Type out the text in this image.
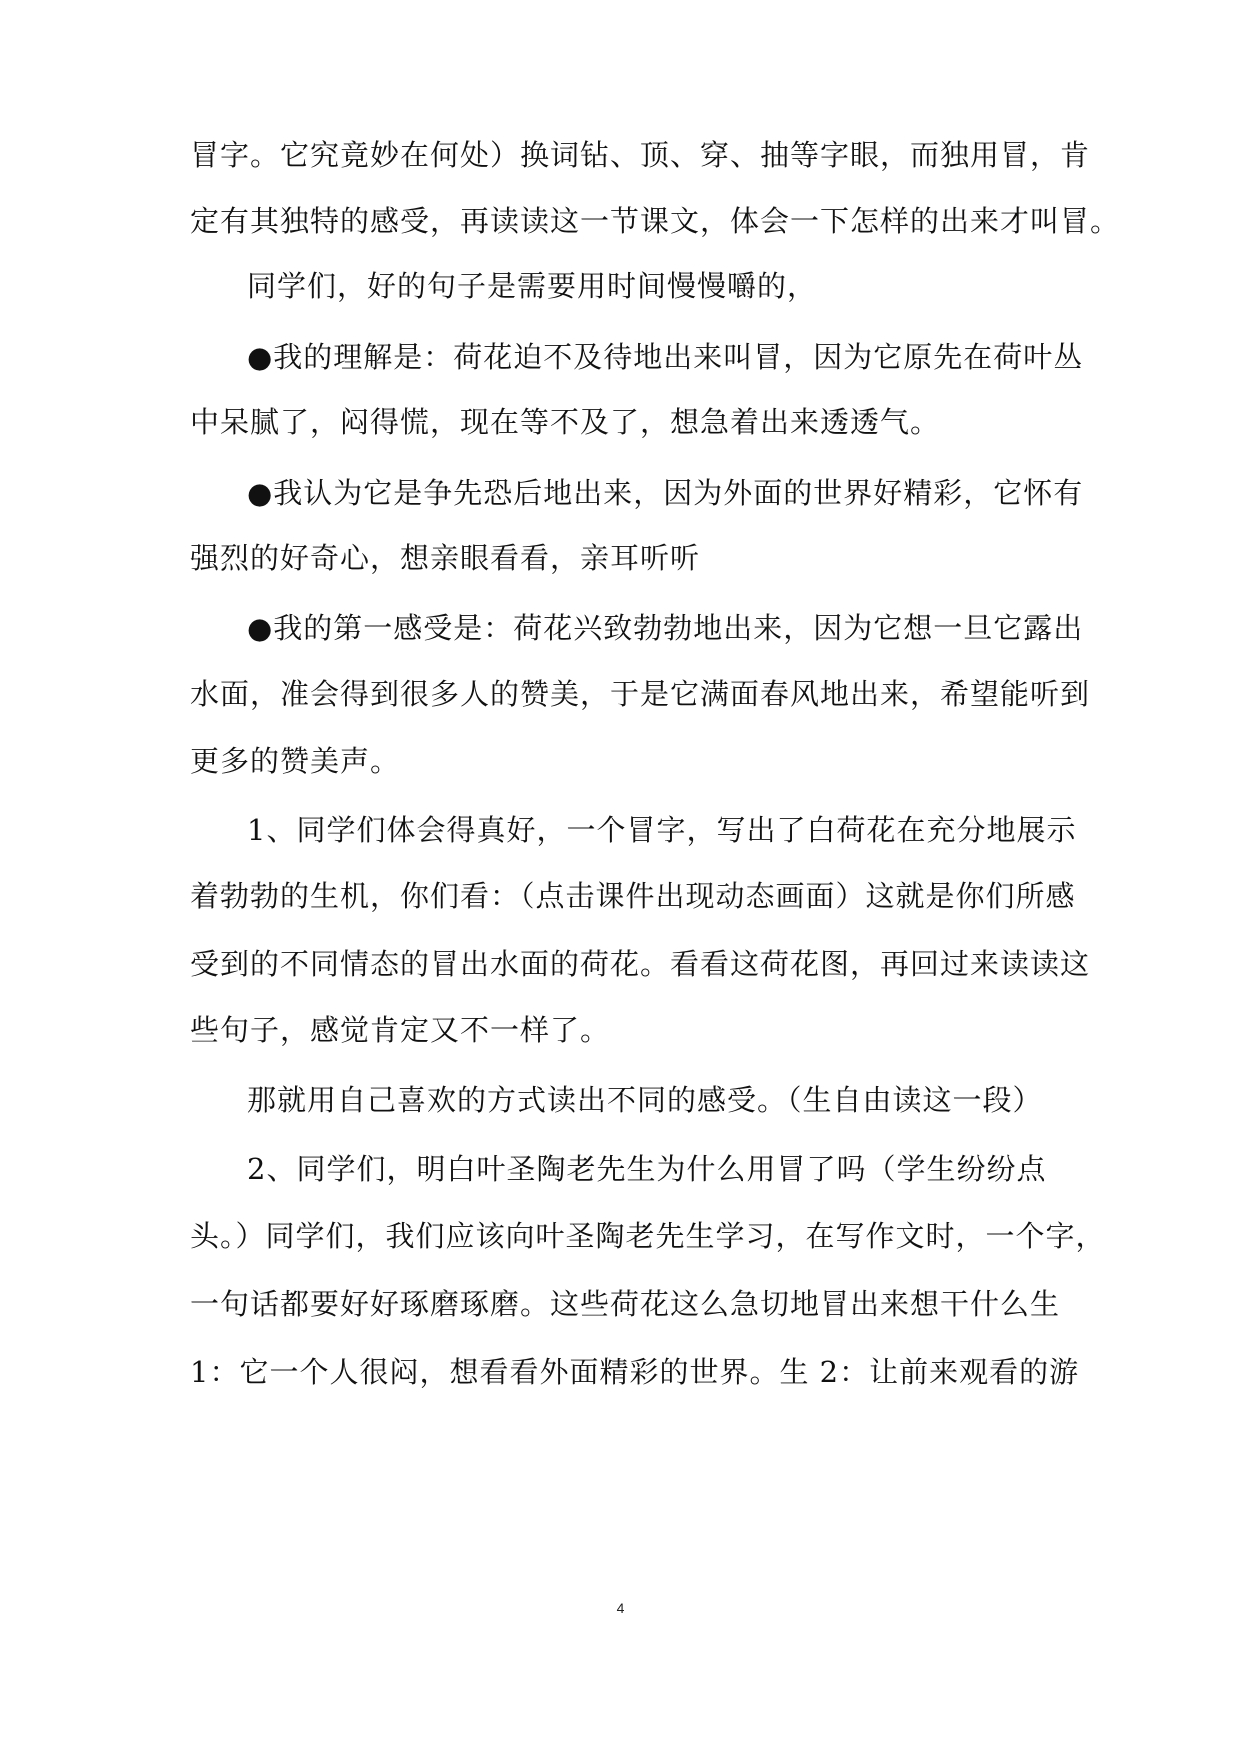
冒字。它究竟妙在何处）换词钻、顶、穿、抽等字眼，而独用冒，肯
定有其独特的感受，再读读这一节课文，体会一下怎样的出来才叫冒。
同学们，好的句子是需要用时间慢慢嚼的，
●我的理解是：荷花迫不及待地出来叫冒，因为它原先在荷叶丛
中呆腻了，闷得慌，现在等不及了，想急着出来透透气。
●我认为它是争先恐后地出来，因为外面的世界好精彩，它怀有
强烈的好奇心，想亲眼看看，亲耳听听
●我的第一感受是：荷花兴致勃勃地出来，因为它想一旦它露出
水面，准会得到很多人的赞美，于是它满面春风地出来，希望能听到
更多的赞美声。
1、同学们体会得真好，一个冒字，写出了白荷花在充分地展示
着勃勃的生机，你们看：（点击课件出现动态画面）这就是你们所感
受到的不同情态的冒出水面的荷花。看看这荷花图，再回过来读读这
些句子，感觉肯定又不一样了。
那就用自己喜欢的方式读出不同的感受。（生自由读这一段）
2、同学们，明白叶圣陶老先生为什么用冒了吗（学生纷纷点
头。）同学们，我们应该向叶圣陶老先生学习，在写作文时，一个字，
一句话都要好好琢磨琢磨。这些荷花这么急切地冒出来想干什么生
1：它一个人很闷，想看看外面精彩的世界。生 2：让前来观看的游
4
